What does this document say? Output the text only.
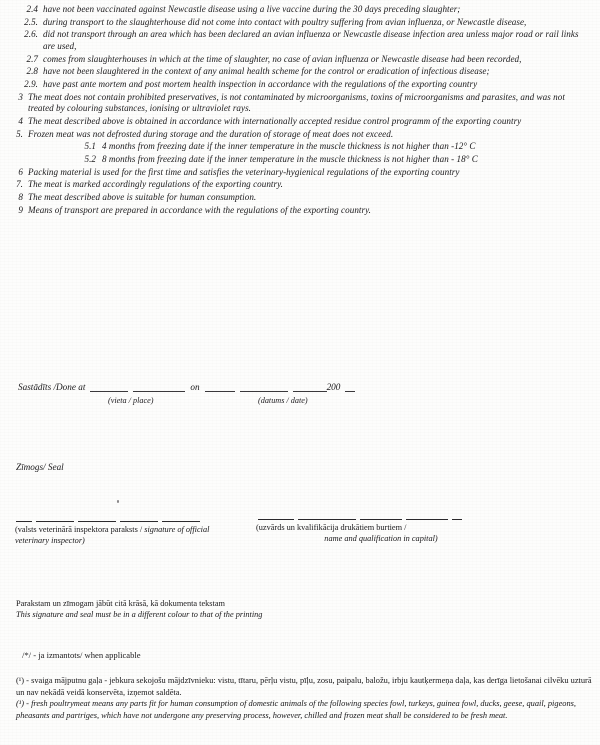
2.4 have not been vaccinated against Newcastle disease using a live vaccine during the 30 days preceding slaughter;
2.5. during transport to the slaughterhouse did not come into contact with poultry suffering from avian influenza, or Newcastle disease,
2.6. did not transport through an area which has been declared an avian influenza or Newcastle disease infection area unless major road or rail links are used,
2.7 comes from slaughterhouses in which at the time of slaughter, no case of avian influenza or Newcastle disease had been recorded,
2.8 have not been slaughtered in the context of any animal health scheme for the control or eradication of infectious disease;
2.9. have past ante mortem and post mortem health inspection in accordance with the regulations of the exporting country
3 The meat does not contain prohibited preservatives, is not contaminated by microorganisms, toxins of microorganisms and parasites, and was not treated by colouring substances, ionising or ultraviolet rays.
4 The meat described above is obtained in accordance with internationally accepted residue control programm of the exporting country
5. Frozen meat was not defrosted during storage and the duration of storage of meat does not exceed.
5.1 4 months from freezing date if the inner temperature in the muscle thickness is not higher than -12° C
5.2 8 months from freezing date if the inner temperature in the muscle thickness is not higher than - 18° C
6 Packing material is used for the first time and satisfies the veterinary-hygienical regulations of the exporting country
7. The meat is marked accordingly regulations of the exporting country.
8 The meat described above is suitable for human consumption.
9 Means of transport are prepared in accordance with the regulations of the exporting country.
Sastādīts /Done at	on	200
(vieta / place)	(datums / date)
Zīmogs/ Seal
(valsts veterinārā inspektora paraksts / signature of official veterinary inspector)
(uzvārds un kvalifikācija drukātiem burtiem /
name and qualification in capital)
Parakstam un zīmogam jābūt citā krāsā, kā dokumenta tekstam
This signature and seal must be in a different colour to that of the printing
/*/ - ja izmantots/ when applicable
(¹) - svaiga mājputnu gaļa - jebkura sekojošu mājdzīvnieku: vistu, tītaru, pērļu vistu, pīļu, zosu, paipalu, baložu, irbju kautķermeņa daļa, kas derīga lietošanai cilvēku uzturā un nav nekādā veidā konservēta, izņemot saldēta.
(¹) - fresh poultrymeat means any parts fit for human consumption of domestic animals of the following species fowl, turkeys, guinea fowl, ducks, geese, quail, pigeons, pheasants and partriges, which have not undergone any preserving process, however, chilled and frozen meat shall be considered to be fresh meat.
